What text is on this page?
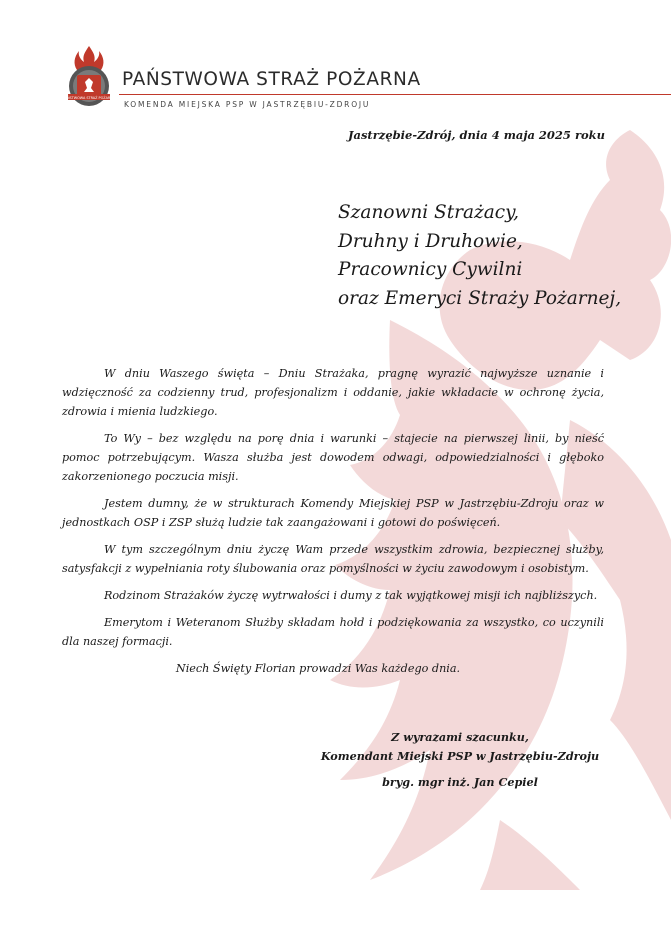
PAŃSTWOWA STRAŻ POŻARNA
PAŃSTWOWA STRAŻ POŻARNA
KOMENDA MIEJSKA PSP W JASTRZĘBIU-ZDROJU
Jastrzębie-Zdrój, dnia 4 maja 2025 roku
Szanowni Strażacy,
Druhny i Druhowie,
Pracownicy Cywilni
oraz Emeryci Straży Pożarnej,

W dniu Waszego święta – Dniu Strażaka, pragnę wyrazić najwyższe uznanie i wdzięczność za codzienny trud, profesjonalizm i oddanie, jakie wkładacie w ochronę życia, zdrowia i mienia ludzkiego.

To Wy – bez względu na porę dnia i warunki – stajecie na pierwszej linii, by nieść pomoc potrzebującym. Wasza służba jest dowodem odwagi, odpowiedzialności i głęboko zakorzenionego poczucia misji.

Jestem dumny, że w strukturach Komendy Miejskiej PSP w Jastrzębiu-Zdroju oraz w jednostkach OSP i ZSP służą ludzie tak zaangażowani i gotowi do poświęceń.

W tym szczególnym dniu życzę Wam przede wszystkim zdrowia, bezpiecznej służby, satysfakcji z wypełniania roty ślubowania oraz pomyślności w życiu zawodowym i osobistym.

Rodzinom Strażaków życzę wytrwałości i dumy z tak wyjątkowej misji ich najbliższych.

Emerytom i Weteranom Służby składam hołd i podziękowania za wszystko, co uczynili dla naszej formacji.

Niech Święty Florian prowadzi Was każdego dnia.

Z wyrazami szacunku,
Komendant Miejski PSP w Jastrzębiu-Zdroju
bryg. mgr inż. Jan Cepiel
